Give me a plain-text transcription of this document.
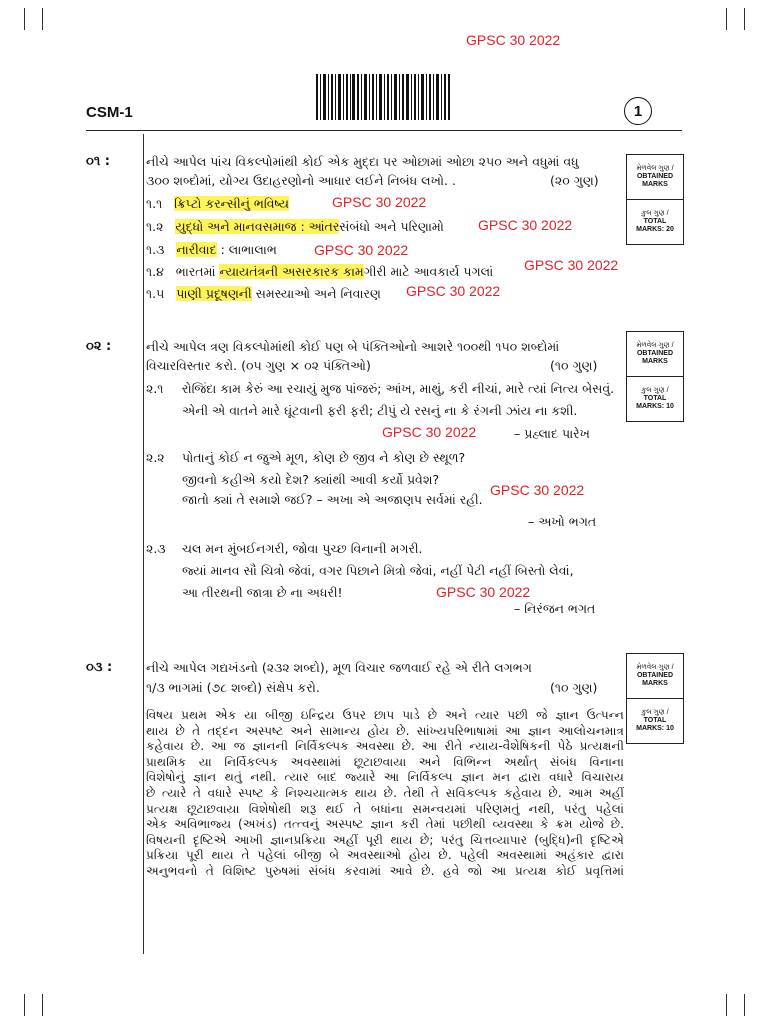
GPSC 30 2022
CSM-1	1
૦૧ :	નીચે આપેલ પાંચ વિકલ્પોમાંથી કોઈ એક મુદ્દા પર ઓછામાં ઓછા ૨૫૦ અને વધુમાં વધુ
૩૦૦ શબ્દોમાં, યોગ્ય ઉદાહરણોનો આધાર લઈને નિબંધ લખો. .	(૨૦ ગુણ)
૧.૧ ક્રિપ્ટો કરન્સીનું ભવિષ્ય
૧.૨ યુદ્ધો અને માનવસમાજ : આંતરસંબંધો અને પરિણામો
૧.૩ નારીવાદ : લાભાલાભ
૧.૪ ભારતમાં ન્યાયતંત્રની અસરકારક કામગીરી માટે આવકાર્ય પગલાં
૧.૫ પાણી પ્રદૂષણની સમસ્યાઓ અને નિવારણ
GPSC 30 2022
GPSC 30 2022
GPSC 30 2022
GPSC 30 2022
GPSC 30 2022
મેળવેલ ગુણ /
OBTAINED
MARKS
કુલ ગુણ /
TOTAL
MARKS: 20
૦૨ :	નીચે આપેલ ત્રણ વિકલ્પોમાંથી કોઈ પણ બે પંક્તિઓનો આશરે ૧૦૦થી ૧૫૦ શબ્દોમાં
વિચારવિસ્તાર કરો. (૦૫ ગુણ × ૦૨ પંક્તિઓ)	(૧૦ ગુણ)
૨.૧ રોજિંદા કામ કેરું આ રચાયું મુજ પાંજરું; આંખ, માથું, કરી નીચાં, મારે ત્યાં નિત્ય બેસવું.
એની એ વાતને મારે ઘૂંટવાની ફરી ફરી; ટીપું યે રસનું ના કે રંગની ઝાંય ના કશી.
GPSC 30 2022	– પ્રહ્લાદ પારેખ
૨.૨ પોતાનું કોઈ ન જુએ મૂળ, કોણ છે જીવ ને કોણ છે સ્થૂળ?
જીવનો કહીએ કયો દેશ? ક્યાંથી આવી કર્યો પ્રવેશ?
જાતો ક્યાં તે સમાશે જઈ? – અખા એ અજાણપ સર્વમાં રહી.
GPSC 30 2022
– અખો ભગત
૨.૩ ચલ મન મુંબઈનગરી, જોવા પુચ્છ વિનાની મગરી.
જ્યાં માનવ સૌ ચિત્રો જેવાં, વગર પિછાને મિત્રો જેવાં, નહીં પેટી નહીં બિસ્તો લેવાં,
આ તીરથની જાત્રા છે ના અધરી!	GPSC 30 2022
– નિરંજન ભગત
મેળવેલ ગુણ /
OBTAINED
MARKS
કુલ ગુણ /
TOTAL
MARKS: 10
૦૩ :	નીચે આપેલ ગદ્યખંડનો (૨૩૨ શબ્દો), મૂળ વિચાર જળવાઈ રહે એ રીતે લગભગ
૧/૩ ભાગમાં (૭૮ શબ્દો) સંક્ષેપ કરો.	(૧૦ ગુણ)
વિષય પ્રથમ એક યા બીજી ઇન્દ્રિય ઉપર છાપ પાડે છે અને ત્યાર પછી જે જ્ઞાન ઉત્પન્ન
થાય છે તે તદ્દન અસ્પષ્ટ અને સામાન્ય હોય છે. સાંખ્યપરિભાષામાં આ જ્ઞાન આલોચનમાત્ર
કહેવાય છે. આ જ જ્ઞાનની નિર્વિકલ્પક અવસ્થા છે. આ રીતે ન્યાય-વૈશેષિકની પેઠે પ્રત્યક્ષની
પ્રાથમિક યા નિર્વિકલ્પક અવસ્થામાં છૂટાછવાયા અને વિભિન્ન અર્થાત્ સંબંધ વિનાના
વિશેષોનું જ્ઞાન થતું નથી. ત્યાર બાદ જ્યારે આ નિર્વિકલ્પ જ્ઞાન મન દ્વારા વધારે વિચારાય
છે ત્યારે તે વધારે સ્પષ્ટ કે નિશ્ચયાત્મક થાય છે. તેથી તે સવિકલ્પક કહેવાય છે. આમ અહીં
પ્રત્યક્ષ છૂટાછવાયા વિશેષોથી શરૂ થઈ તે બધાંના સમન્વયમાં પરિણમતું નથી, પરંતુ પહેલાં
એક અવિભાજ્ય (અખંડ) તત્ત્વનું અસ્પષ્ટ જ્ઞાન કરી તેમાં પછીથી વ્યવસ્થા કે ક્રમ યોજે છે.
વિષયની દૃષ્ટિએ આખી જ્ઞાનપ્રક્રિયા અહીં પૂરી થાય છે; પરંતુ ચિત્તવ્યાપાર (બુદ્ધિ)ની દૃષ્ટિએ
પ્રક્રિયા પૂરી થાય તે પહેલાં બીજી બે અવસ્થાઓ હોય છે. પહેલી અવસ્થામાં અહંકાર દ્વારા
અનુભવનો તે વિશિષ્ટ પુરુષમાં સંબંધ કરવામાં આવે છે. હવે જો આ પ્રત્યક્ષ કોઈ પ્રવૃત્તિમાં
મેળવેલ ગુણ /
OBTAINED
MARKS
કુલ ગુણ /
TOTAL
MARKS: 10
